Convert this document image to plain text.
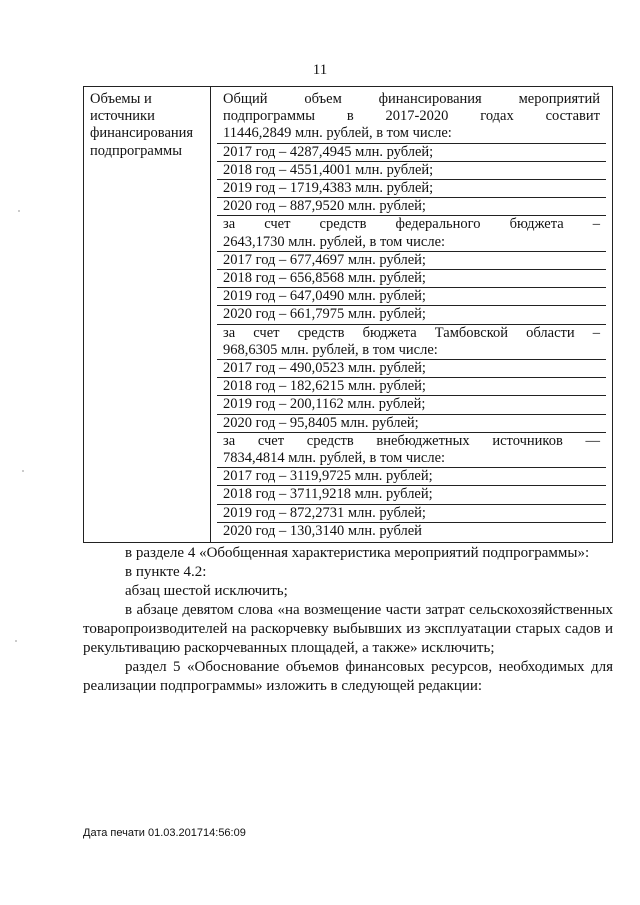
11
Объемы и
источники
финансирования
подпрограммы

Общий объем финансирования мероприятий
подпрограммы в 2017-2020 годах составит
11446,2849 млн. рублей, в том числе:
2017 год – 4287,4945 млн. рублей;
2018 год – 4551,4001 млн. рублей;
2019 год – 1719,4383 млн. рублей;
2020 год – 887,9520 млн. рублей;
за счет средств федерального бюджета –
2643,1730 млн. рублей, в том числе:
2017 год – 677,4697 млн. рублей;
2018 год – 656,8568 млн. рублей;
2019 год – 647,0490 млн. рублей;
2020 год – 661,7975 млн. рублей;
за счет средств бюджета Тамбовской области –
968,6305 млн. рублей, в том числе:
2017 год – 490,0523 млн. рублей;
2018 год – 182,6215 млн. рублей;
2019 год – 200,1162 млн. рублей;
2020 год – 95,8405 млн. рублей;
за счет средств внебюджетных источников —
7834,4814 млн. рублей, в том числе:
2017 год – 3119,9725 млн. рублей;
2018 год – 3711,9218 млн. рублей;
2019 год – 872,2731 млн. рублей;
2020 год – 130,3140 млн. рублей

в разделе 4 «Обобщенная характеристика мероприятий подпрограммы»:

в пункте 4.2:

абзац шестой исключить;

в абзаце девятом слова «на возмещение части затрат сельскохозяйственных товаропроизводителей на раскорчевку выбывших из эксплуатации старых садов и рекультивацию раскорчеванных площадей, а также» исключить;

раздел 5 «Обоснование объемов финансовых ресурсов, необходимых для реализации подпрограммы» изложить в следующей редакции:

Дата печати 01.03.201714:56:09
